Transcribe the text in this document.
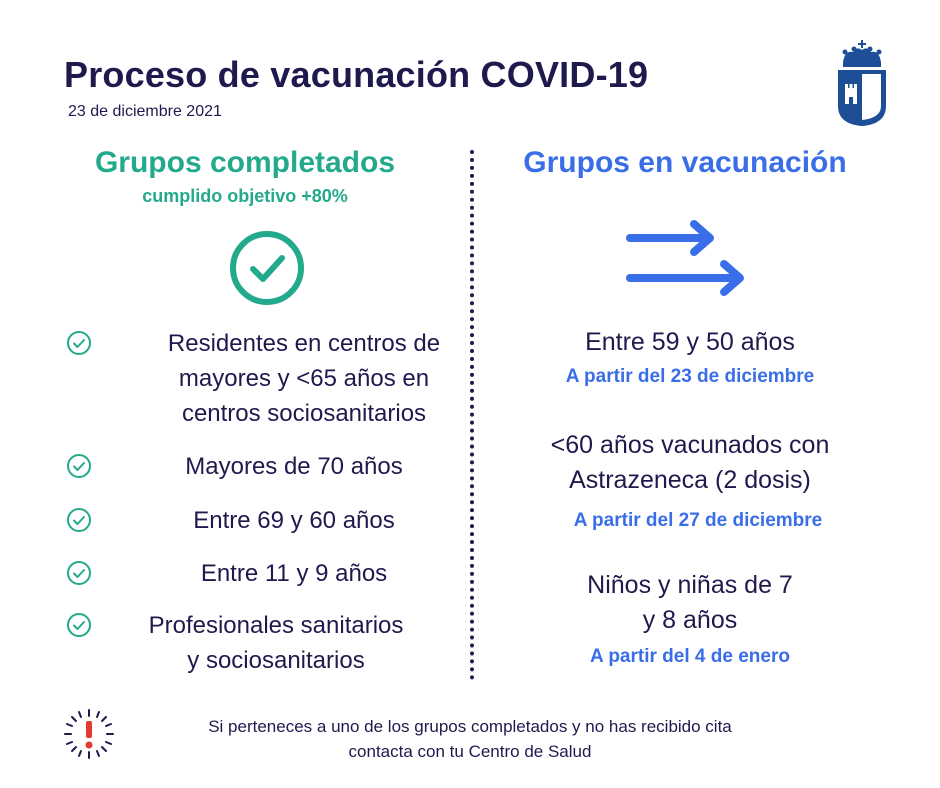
Proceso de vacunación COVID-19
23 de diciembre 2021
Grupos completados
cumplido objetivo +80%
Grupos en vacunación
Residentes en centros de
mayores y <65 años en
centros sociosanitarios
Mayores de 70 años
Entre 69 y 60 años
Entre 11 y 9 años
Profesionales sanitarios
y sociosanitarios
Entre 59 y 50 años
A partir del 23 de diciembre
<60 años vacunados con
Astrazeneca (2 dosis)
A partir del 27 de diciembre
Niños y niñas de 7
y 8 años
A partir del 4 de enero
Si perteneces a uno de los grupos completados y no has recibido cita
contacta con tu Centro de Salud
